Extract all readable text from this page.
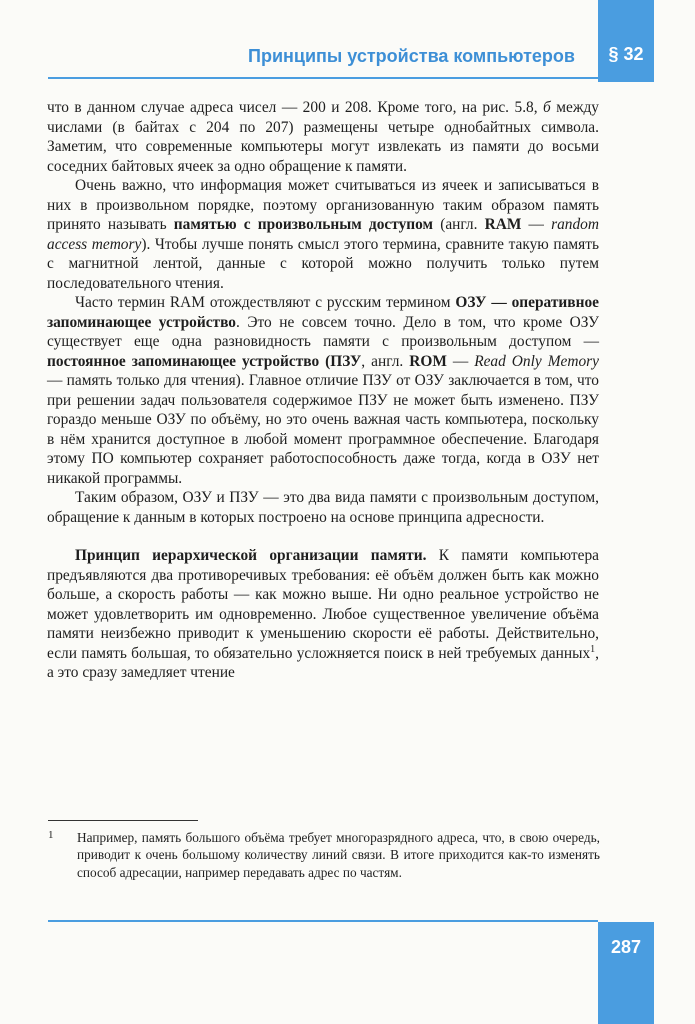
§ 32
Принципы устройства компьютеров

что в данном случае адреса чисел — 200 и 208. Кроме того, на рис. 5.8, б между числами (в байтах с 204 по 207) размещены четыре однобайтных символа. Заметим, что современные компьютеры могут извлекать из памяти до восьми соседних байтовых ячеек за одно обращение к памяти.

Очень важно, что информация может считываться из ячеек и записываться в них в произвольном порядке, поэтому организованную таким образом память принято называть памятью с произвольным доступом (англ. RAM — random access memory). Чтобы лучше понять смысл этого термина, сравните такую память с магнитной лентой, данные с которой можно получить только путем последовательного чтения.

Часто термин RAM отождествляют с русским термином ОЗУ — оперативное запоминающее устройство. Это не совсем точно. Дело в том, что кроме ОЗУ существует еще одна разновидность памяти с произвольным доступом — постоянное запоминающее устройство (ПЗУ, англ. ROM — Read Only Memory — память только для чтения). Главное отличие ПЗУ от ОЗУ заключается в том, что при решении задач пользователя содержимое ПЗУ не может быть изменено. ПЗУ гораздо меньше ОЗУ по объёму, но это очень важная часть компьютера, поскольку в нём хранится доступное в любой момент программное обеспечение. Благодаря этому ПО компьютер сохраняет работоспособность даже тогда, когда в ОЗУ нет никакой программы.

Таким образом, ОЗУ и ПЗУ — это два вида памяти с произвольным доступом, обращение к данным в которых построено на основе принципа адресности.

Принцип иерархической организации памяти. К памяти компьютера предъявляются два противоречивых требования: её объём должен быть как можно больше, а скорость работы — как можно выше. Ни одно реальное устройство не может удовлетворить им одновременно. Любое существенное увеличение объёма памяти неизбежно приводит к уменьшению скорости её работы. Действительно, если память большая, то обязательно усложняется поиск в ней требуемых данных$^1$, а это сразу замедляет чтение

1 Например, память большого объёма требует многоразрядного адреса, что, в свою очередь, приводит к очень большому количеству линий связи. В итоге приходится как-то изменять способ адресации, например передавать адрес по частям.
287
